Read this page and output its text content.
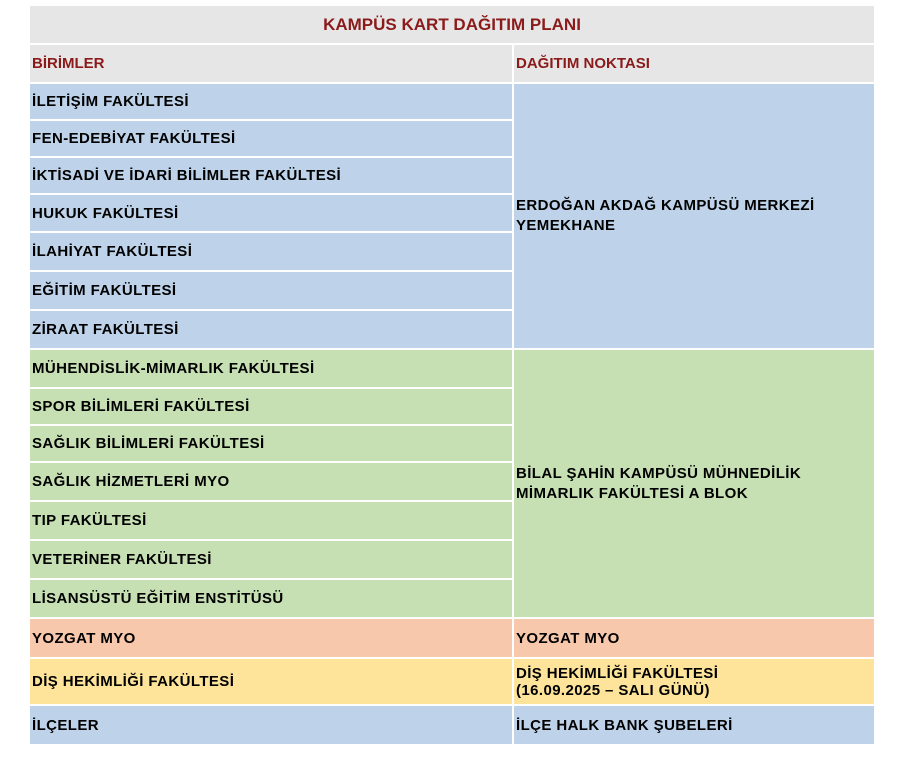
KAMPÜS KART DAĞITIM PLANI	
BİRİMLER	DAĞITIM NOKTASI
İLETİŞİM FAKÜLTESİ	ERDOĞAN AKDAĞ KAMPÜSÜ MERKEZİ
YEMEKHANE
FEN-EDEBİYAT FAKÜLTESİ	
İKTİSADİ VE İDARİ BİLİMLER FAKÜLTESİ	
HUKUK FAKÜLTESİ	
İLAHİYAT FAKÜLTESİ	
EĞİTİM FAKÜLTESİ	
ZİRAAT FAKÜLTESİ	
MÜHENDİSLİK-MİMARLIK FAKÜLTESİ	BİLAL ŞAHİN KAMPÜSÜ MÜHNEDİLİK
MİMARLIK FAKÜLTESİ A BLOK
SPOR BİLİMLERİ FAKÜLTESİ	
SAĞLIK BİLİMLERİ FAKÜLTESİ	
SAĞLIK HİZMETLERİ MYO	
TIP FAKÜLTESİ	
VETERİNER FAKÜLTESİ	
LİSANSÜSTÜ EĞİTİM ENSTİTÜSÜ	
YOZGAT MYO	YOZGAT MYO
DİŞ HEKİMLİĞİ FAKÜLTESİ	DİŞ HEKİMLİĞİ FAKÜLTESİ
(16.09.2025 – SALI GÜNÜ)
İLÇELER	İLÇE HALK BANK ŞUBELERİ
